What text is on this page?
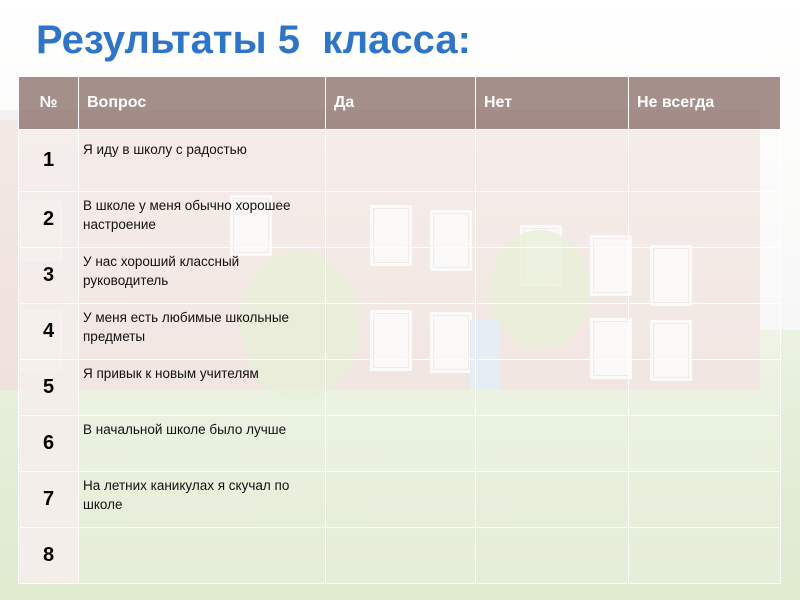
Результаты 5  класса:
№	Вопрос	Да	Нет	Не всегда
1	Я иду в школу с радостью			
2	В школе у меня обычно хорошее настроение			
3	У нас хороший классный руководитель			
4	У меня есть любимые школьные предметы			
5	Я привык к новым учителям			
6	В начальной школе было лучше			
7	На летних каникулах я скучал по школе			
8				
